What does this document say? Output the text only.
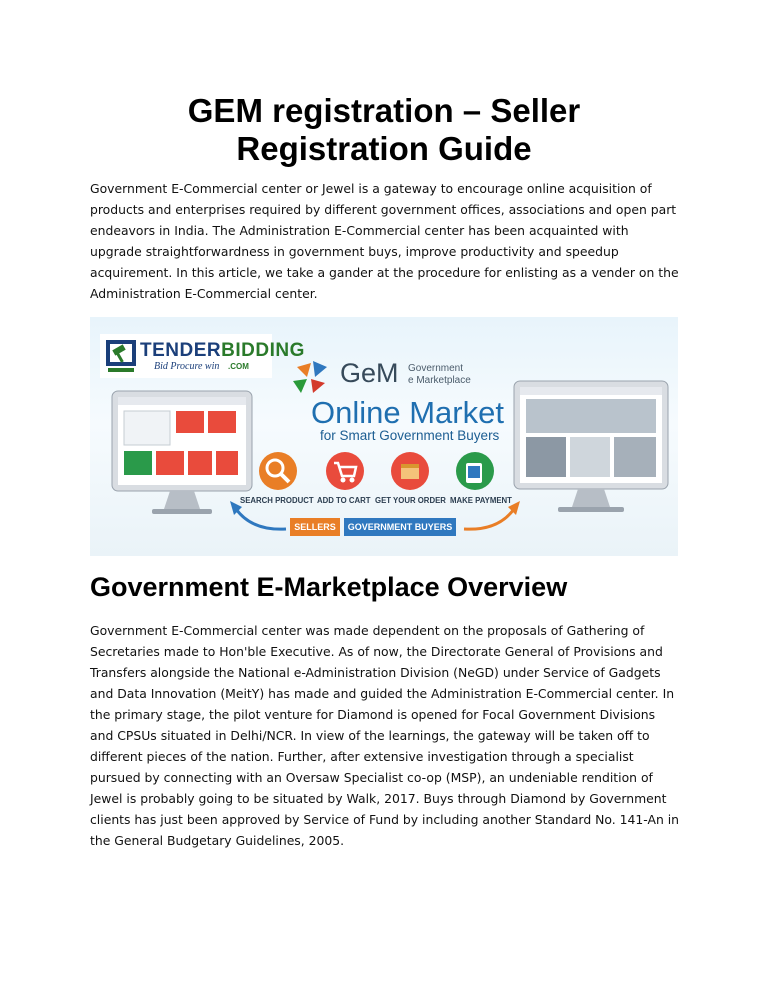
GEM registration – Seller
Registration Guide

Government E-Commercial center or Jewel is a gateway to encourage online acquisition of products and enterprises required by different government offices, associations and open part endeavors in India. The Administration E-Commercial center has been acquainted with upgrade straightforwardness in government buys, improve productivity and speedup acquirement. In this article, we take a gander at the procedure for enlisting as a vender on the Administration E-Commercial center.

TENDERBIDDING
Bid Procure win .COM	GeM Government
e Marketplace
Online Market
for Smart Government Buyers
SEARCH PRODUCT ADD TO CART GET YOUR ORDER MAKE PAYMENT
SELLERS	GOVERNMENT BUYERS
Government E-Marketplace Overview

Government E-Commercial center was made dependent on the proposals of Gathering of Secretaries made to Hon'ble Executive. As of now, the Directorate General of Provisions and Transfers alongside the National e-Administration Division (NeGD) under Service of Gadgets and Data Innovation (MeitY) has made and guided the Administration E-Commercial center. In the primary stage, the pilot venture for Diamond is opened for Focal Government Divisions and CPSUs situated in Delhi/NCR. In view of the learnings, the gateway will be taken off to different pieces of the nation. Further, after extensive investigation through a specialist pursued by connecting with an Oversaw Specialist co-op (MSP), an undeniable rendition of Jewel is probably going to be situated by Walk, 2017. Buys through Diamond by Government clients has just been approved by Service of Fund by including another Standard No. 141-An in the General Budgetary Guidelines, 2005.
